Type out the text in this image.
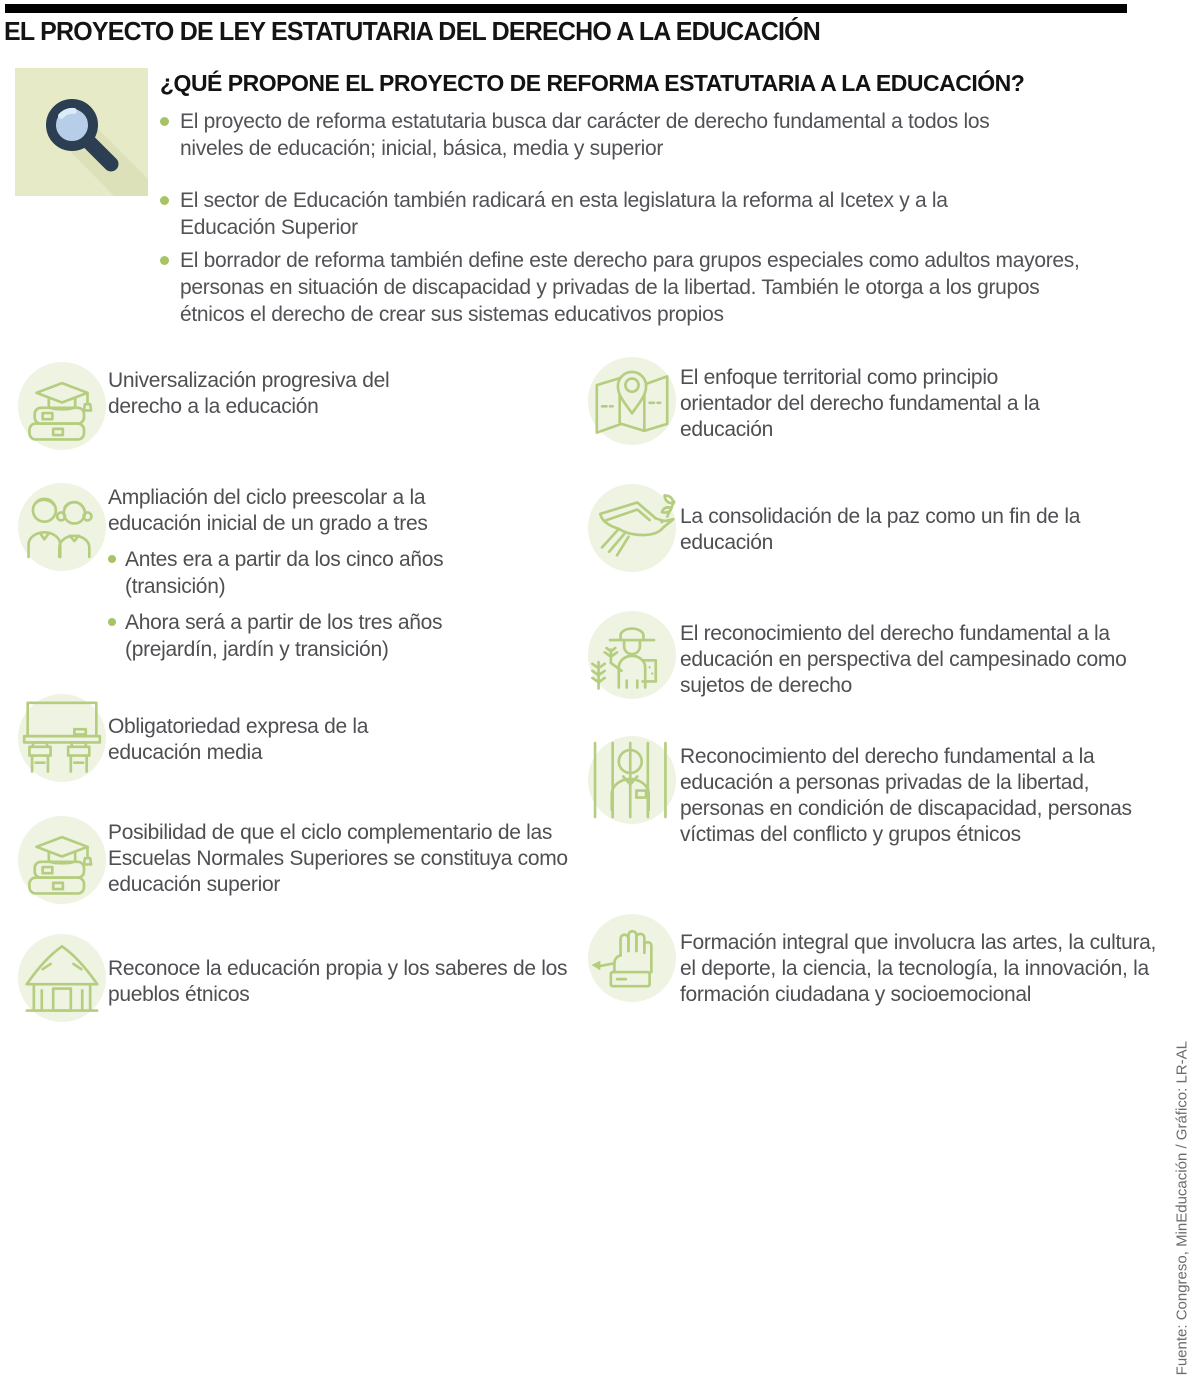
EL PROYECTO DE LEY ESTATUTARIA DEL DERECHO A LA EDUCACIÓN
¿QUÉ PROPONE EL PROYECTO DE REFORMA ESTATUTARIA A LA EDUCACIÓN?
El proyecto de reforma estatutaria busca dar carácter de derecho fundamental a todos los niveles de educación; inicial, básica, media y superior
El sector de Educación también radicará en esta legislatura la reforma al Icetex y a la Educación Superior
El borrador de reforma también define este derecho para grupos especiales como adultos mayores, personas en situación de discapacidad y privadas de la libertad. También le otorga a los grupos étnicos el derecho de crear sus sistemas educativos propios
Universalización progresiva del derecho a la educación
Ampliación del ciclo preescolar a la educación inicial de un grado a tres
Antes era a partir da los cinco años (transición)
Ahora será a partir de los tres años (prejardín, jardín y transición)
Obligatoriedad expresa de la educación media
Posibilidad de que el ciclo complementario de las Escuelas Normales Superiores se constituya como educación superior
Reconoce la educación propia y los saberes de los pueblos étnicos
El enfoque territorial como principio orientador del derecho fundamental a la educación
La consolidación de la paz como un fin de la educación
El reconocimiento del derecho fundamental a la educación en perspectiva del campesinado como sujetos de derecho
Reconocimiento del derecho fundamental a la educación a personas privadas de la libertad, personas en condición de discapacidad, personas víctimas del conflicto y grupos étnicos
Formación integral que involucra las artes, la cultura, el deporte, la ciencia, la tecnología, la innovación, la formación ciudadana y socioemocional
Fuente: Congreso, MinEducación / Gráfico: LR-AL
